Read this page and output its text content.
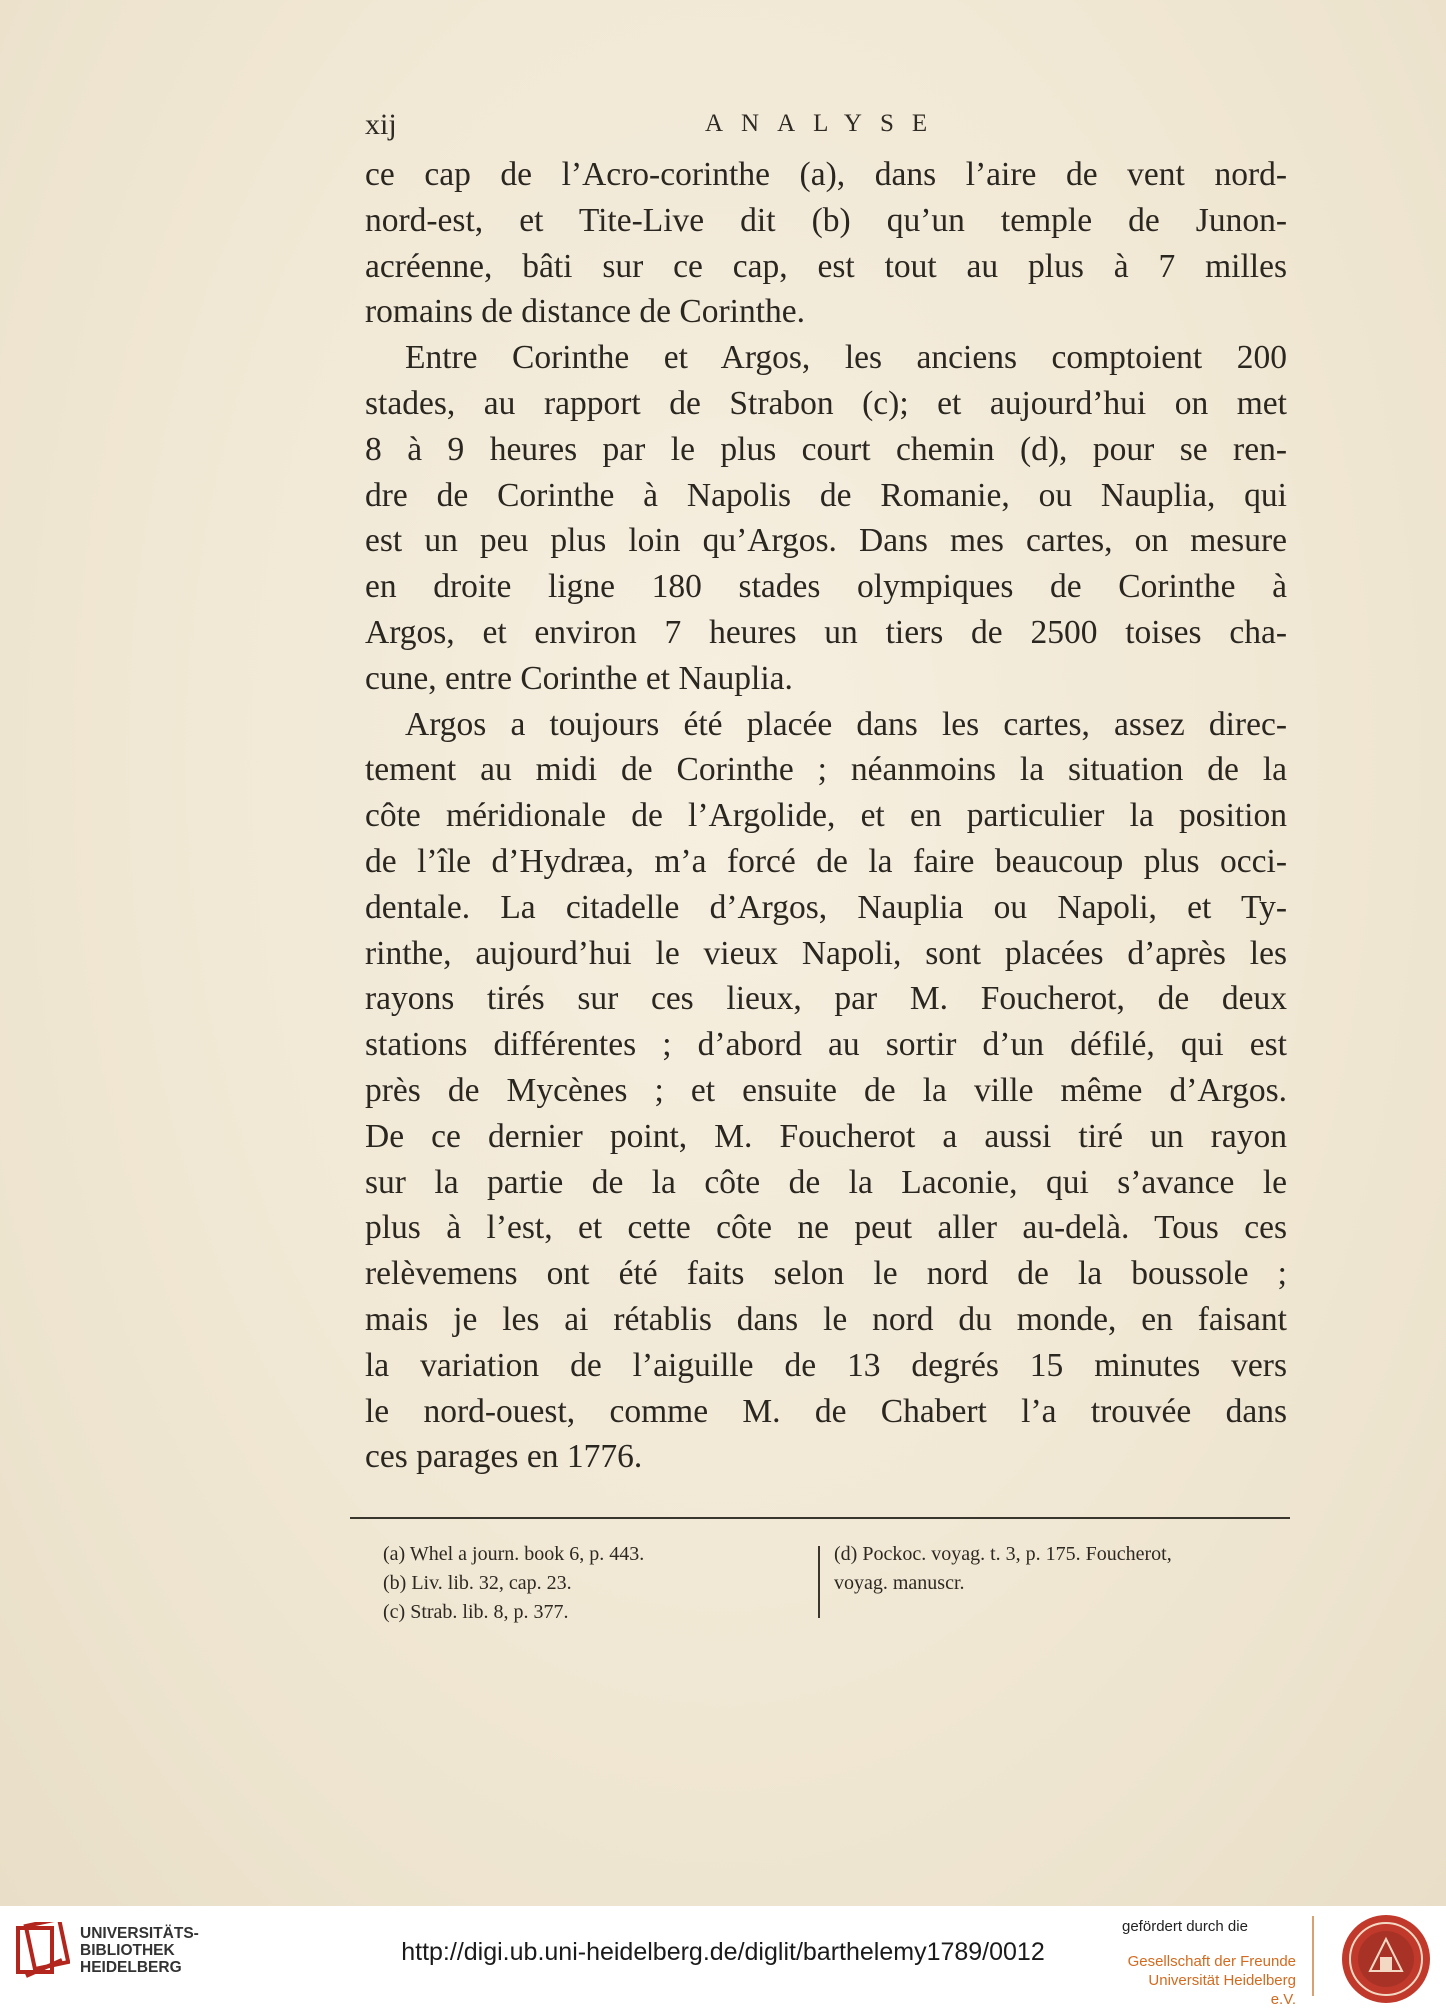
xij	ANALYSE

ce cap de l’Acro-corinthe (a), dans l’aire de vent nord-
nord-est, et Tite-Live dit (b) qu’un temple de Junon-
acréenne, bâti sur ce cap, est tout au plus à 7 milles
romains de distance de Corinthe.

Entre Corinthe et Argos, les anciens comptoient 200
stades, au rapport de Strabon (c); et aujourd’hui on met
8 à 9 heures par le plus court chemin (d), pour se ren-
dre de Corinthe à Napolis de Romanie, ou Nauplia, qui
est un peu plus loin qu’Argos. Dans mes cartes, on mesure
en droite ligne 180 stades olympiques de Corinthe à
Argos, et environ 7 heures un tiers de 2500 toises cha-
cune, entre Corinthe et Nauplia.

Argos a toujours été placée dans les cartes, assez direc-
tement au midi de Corinthe ; néanmoins la situation de la
côte méridionale de l’Argolide, et en particulier la position
de l’île d’Hydræa, m’a forcé de la faire beaucoup plus occi-
dentale. La citadelle d’Argos, Nauplia ou Napoli, et Ty-
rinthe, aujourd’hui le vieux Napoli, sont placées d’après les
rayons tirés sur ces lieux, par M. Foucherot, de deux
stations différentes ; d’abord au sortir d’un défilé, qui est
près de Mycènes ; et ensuite de la ville même d’Argos.
De ce dernier point, M. Foucherot a aussi tiré un rayon
sur la partie de la côte de la Laconie, qui s’avance le
plus à l’est, et cette côte ne peut aller au-delà. Tous ces
relèvemens ont été faits selon le nord de la boussole ;
mais je les ai rétablis dans le nord du monde, en faisant
la variation de l’aiguille de 13 degrés 15 minutes vers
le nord-ouest, comme M. de Chabert l’a trouvée dans
ces parages en 1776.

(a) Whel a journ. book 6, p. 443.
(b) Liv. lib. 32, cap. 23.
(c) Strab. lib. 8, p. 377.
(d) Pockoc. voyag. t. 3, p. 175. Foucherot,
voyag. manuscr.
UNIVERSITÄTS-
BIBLIOTHEK
HEIDELBERG
http://digi.ub.uni-heidelberg.de/diglit/barthelemy1789/0012
gefördert durch die
Gesellschaft der Freunde
Universität Heidelberg e.V.
